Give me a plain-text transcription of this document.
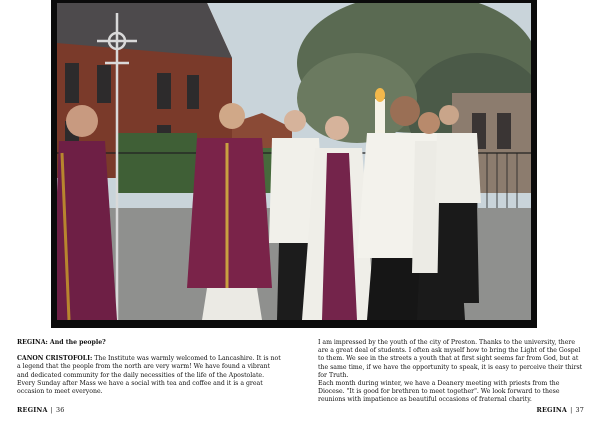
REGINA: And the people?

CANON CRISTOFOLI: The Institute was warmly welcomed to Lancashire. It is not a legend that the people from the north are very warm! We have found a vibrant and dedicated community for the daily necessities of the life of the Apostolate. Every Sunday after Mass we have a social with tea and coffee and it is a great occasion to meet everyone.

I am impressed by the youth of the city of Preston. Thanks to the university, there are a great deal of students. I often ask myself how to bring the Light of the Gospel to them. We see in the streets a youth that at first sight seems far from God, but at the same time, if we have the opportunity to speak, it is easy to perceive their thirst for Truth.

Each month during winter, we have a Deanery meeting with priests from the Diocese. "It is good for brethren to meet together". We look forward to these reunions with impatience as beautiful occasions of fraternal charity.

REGINA | 36	REGINA | 37
